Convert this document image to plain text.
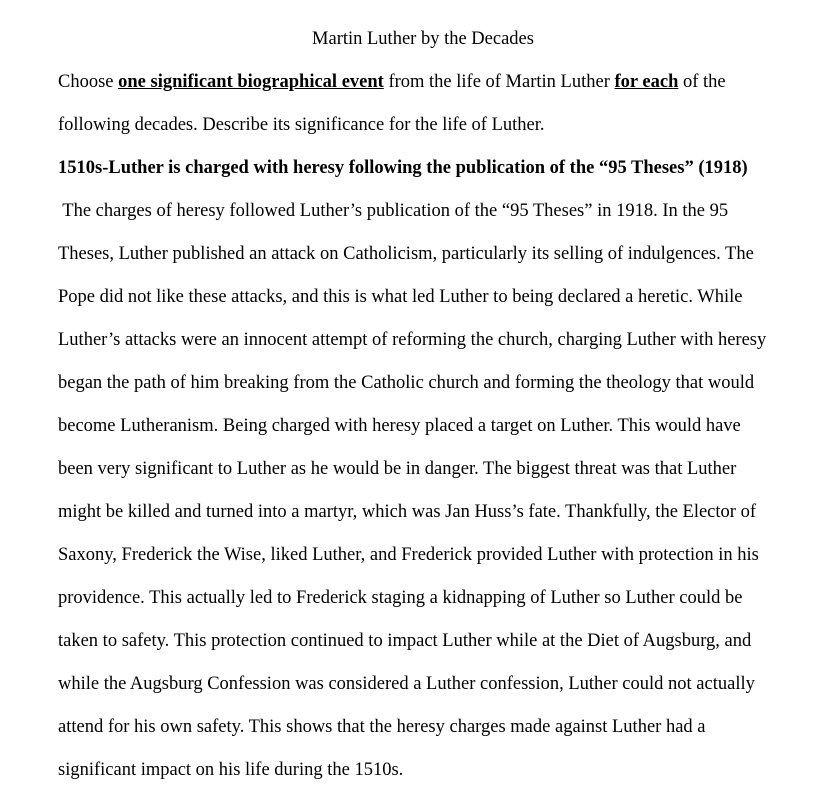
Martin Luther by the Decades
Choose one significant biographical event from the life of Martin Luther for each of the
following decades. Describe its significance for the life of Luther.
1510s-Luther is charged with heresy following the publication of the “95 Theses” (1918)
The charges of heresy followed Luther’s publication of the “95 Theses” in 1918. In the 95
Theses, Luther published an attack on Catholicism, particularly its selling of indulgences. The
Pope did not like these attacks, and this is what led Luther to being declared a heretic. While
Luther’s attacks were an innocent attempt of reforming the church, charging Luther with heresy
began the path of him breaking from the Catholic church and forming the theology that would
become Lutheranism. Being charged with heresy placed a target on Luther. This would have
been very significant to Luther as he would be in danger. The biggest threat was that Luther
might be killed and turned into a martyr, which was Jan Huss’s fate. Thankfully, the Elector of
Saxony, Frederick the Wise, liked Luther, and Frederick provided Luther with protection in his
providence. This actually led to Frederick staging a kidnapping of Luther so Luther could be
taken to safety. This protection continued to impact Luther while at the Diet of Augsburg, and
while the Augsburg Confession was considered a Luther confession, Luther could not actually
attend for his own safety. This shows that the heresy charges made against Luther had a
significant impact on his life during the 1510s.
